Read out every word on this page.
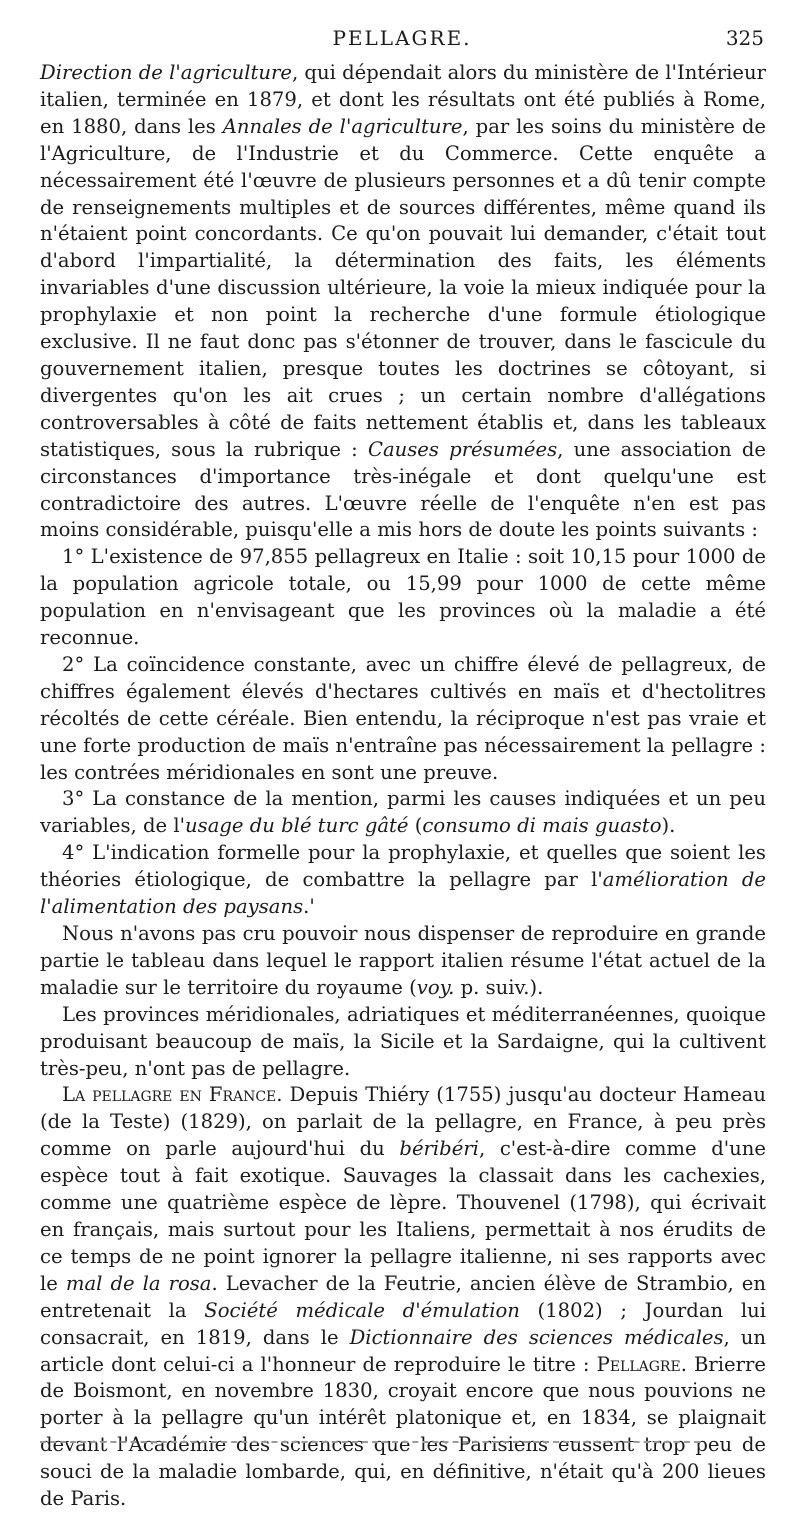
PELLAGRE.	325

Direction de l'agriculture, qui dépendait alors du ministère de l'Intérieur italien, terminée en 1879, et dont les résultats ont été publiés à Rome, en 1880, dans les Annales de l'agriculture, par les soins du ministère de l'Agriculture, de l'Industrie et du Commerce. Cette enquête a nécessairement été l'œuvre de plusieurs personnes et a dû tenir compte de renseignements multiples et de sources différentes, même quand ils n'étaient point concordants. Ce qu'on pouvait lui demander, c'était tout d'abord l'impartialité, la détermination des faits, les éléments invariables d'une discussion ultérieure, la voie la mieux indiquée pour la prophylaxie et non point la recherche d'une formule étiologique exclusive. Il ne faut donc pas s'étonner de trouver, dans le fascicule du gouvernement italien, presque toutes les doctrines se côtoyant, si divergentes qu'on les ait crues ; un certain nombre d'allégations controversables à côté de faits nettement établis et, dans les tableaux statistiques, sous la rubrique : Causes présumées, une association de circonstances d'importance très-inégale et dont quelqu'une est contradictoire des autres. L'œuvre réelle de l'enquête n'en est pas moins considérable, puisqu'elle a mis hors de doute les points suivants :

1° L'existence de 97,855 pellagreux en Italie : soit 10,15 pour 1000 de la population agricole totale, ou 15,99 pour 1000 de cette même population en n'envisageant que les provinces où la maladie a été reconnue.

2° La coïncidence constante, avec un chiffre élevé de pellagreux, de chiffres également élevés d'hectares cultivés en maïs et d'hectolitres récoltés de cette céréale. Bien entendu, la réciproque n'est pas vraie et une forte production de maïs n'entraîne pas nécessairement la pellagre : les contrées méridionales en sont une preuve.

3° La constance de la mention, parmi les causes indiquées et un peu variables, de l'usage du blé turc gâté (consumo di mais guasto).

4° L'indication formelle pour la prophylaxie, et quelles que soient les théories étiologique, de combattre la pellagre par l'amélioration de l'alimentation des paysans.'

Nous n'avons pas cru pouvoir nous dispenser de reproduire en grande partie le tableau dans lequel le rapport italien résume l'état actuel de la maladie sur le territoire du royaume (voy. p. suiv.).

Les provinces méridionales, adriatiques et méditerranéennes, quoique produisant beaucoup de maïs, la Sicile et la Sardaigne, qui la cultivent très-peu, n'ont pas de pellagre.

La pellagre en France. Depuis Thiéry (1755) jusqu'au docteur Hameau (de la Teste) (1829), on parlait de la pellagre, en France, à peu près comme on parle aujourd'hui du béribéri, c'est-à-dire comme d'une espèce tout à fait exotique. Sauvages la classait dans les cachexies, comme une quatrième espèce de lèpre. Thouvenel (1798), qui écrivait en français, mais surtout pour les Italiens, permettait à nos érudits de ce temps de ne point ignorer la pellagre italienne, ni ses rapports avec le mal de la rosa. Levacher de la Feutrie, ancien élève de Strambio, en entretenait la Société médicale d'émulation (1802) ; Jourdan lui consacrait, en 1819, dans le Dictionnaire des sciences médicales, un article dont celui-ci a l'honneur de reproduire le titre : Pellagre. Brierre de Boismont, en novembre 1830, croyait encore que nous pouvions ne porter à la pellagre qu'un intérêt platonique et, en 1834, se plaignait devant l'Académie des sciences que les Parisiens eussent trop peu de souci de la maladie lombarde, qui, en définitive, n'était qu'à 200 lieues de Paris.
